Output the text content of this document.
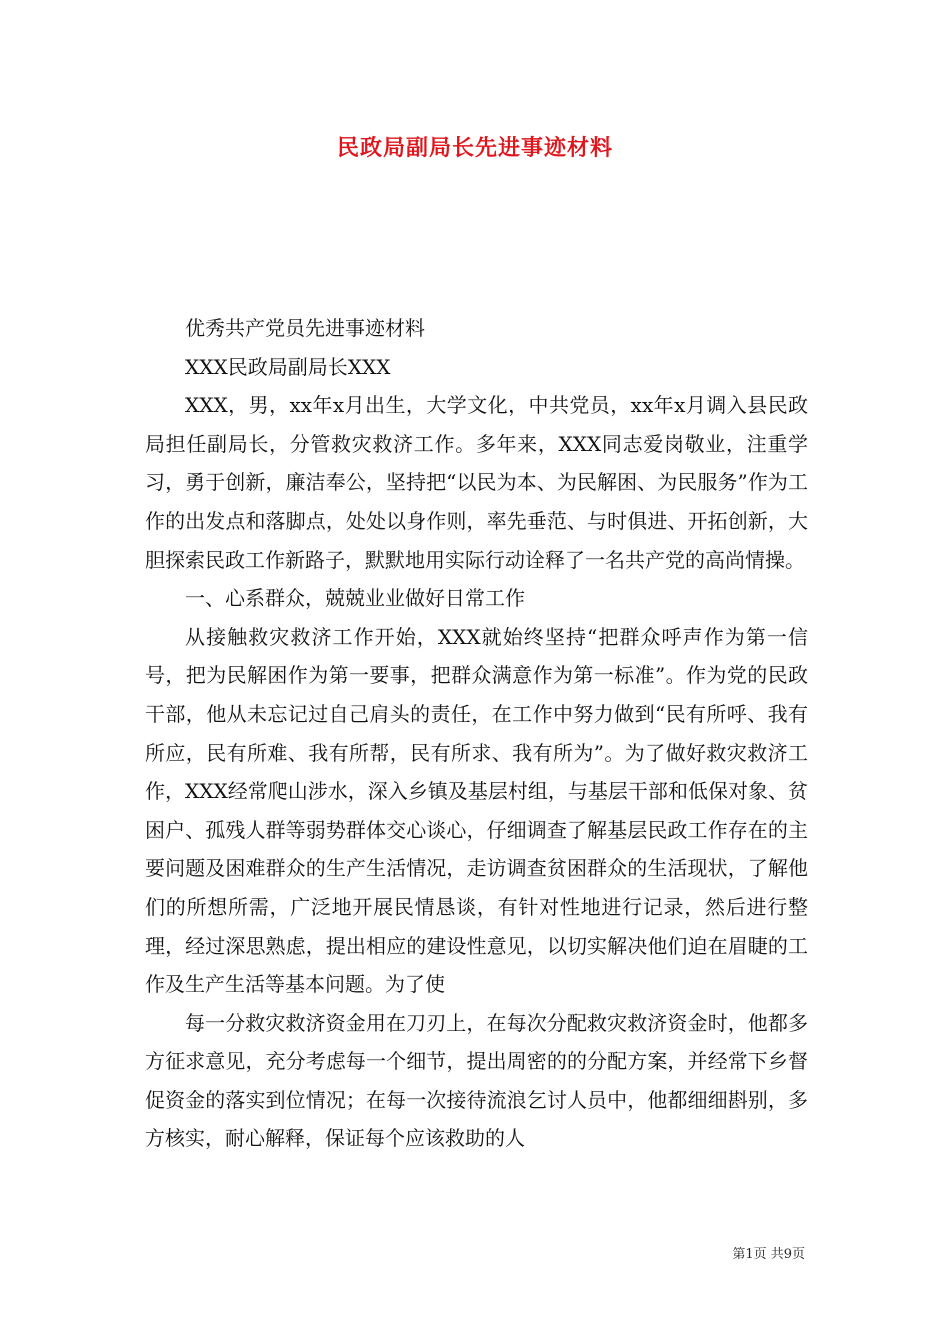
民政局副局长先进事迹材料

优秀共产党员先进事迹材料

XXX民政局副局长XXX

XXX，男，xx年x月出生，大学文化，中共党员，xx年x月调入县民政局担任副局长，分管救灾救济工作。多年来，XXX同志爱岗敬业，注重学习，勇于创新，廉洁奉公，坚持把“以民为本、为民解困、为民服务”作为工作的出发点和落脚点，处处以身作则，率先垂范、与时俱进、开拓创新，大胆探索民政工作新路子，默默地用实际行动诠释了一名共产党的高尚情操。

一、心系群众，兢兢业业做好日常工作

从接触救灾救济工作开始，XXX就始终坚持“把群众呼声作为第一信号，把为民解困作为第一要事，把群众满意作为第一标准”。作为党的民政干部，他从未忘记过自己肩头的责任，在工作中努力做到“民有所呼、我有所应，民有所难、我有所帮，民有所求、我有所为”。为了做好救灾救济工作，XXX经常爬山涉水，深入乡镇及基层村组，与基层干部和低保对象、贫困户、孤残人群等弱势群体交心谈心，仔细调查了解基层民政工作存在的主要问题及困难群众的生产生活情况，走访调查贫困群众的生活现状，了解他们的所想所需，广泛地开展民情恳谈，有针对性地进行记录，然后进行整理，经过深思熟虑，提出相应的建设性意见，以切实解决他们迫在眉睫的工作及生产生活等基本问题。为了使

每一分救灾救济资金用在刀刃上，在每次分配救灾救济资金时，他都多方征求意见，充分考虑每一个细节，提出周密的的分配方案，并经常下乡督促资金的落实到位情况；在每一次接待流浪乞讨人员中，他都细细斟别，多方核实，耐心解释，保证每个应该救助的人

第1页 共9页
